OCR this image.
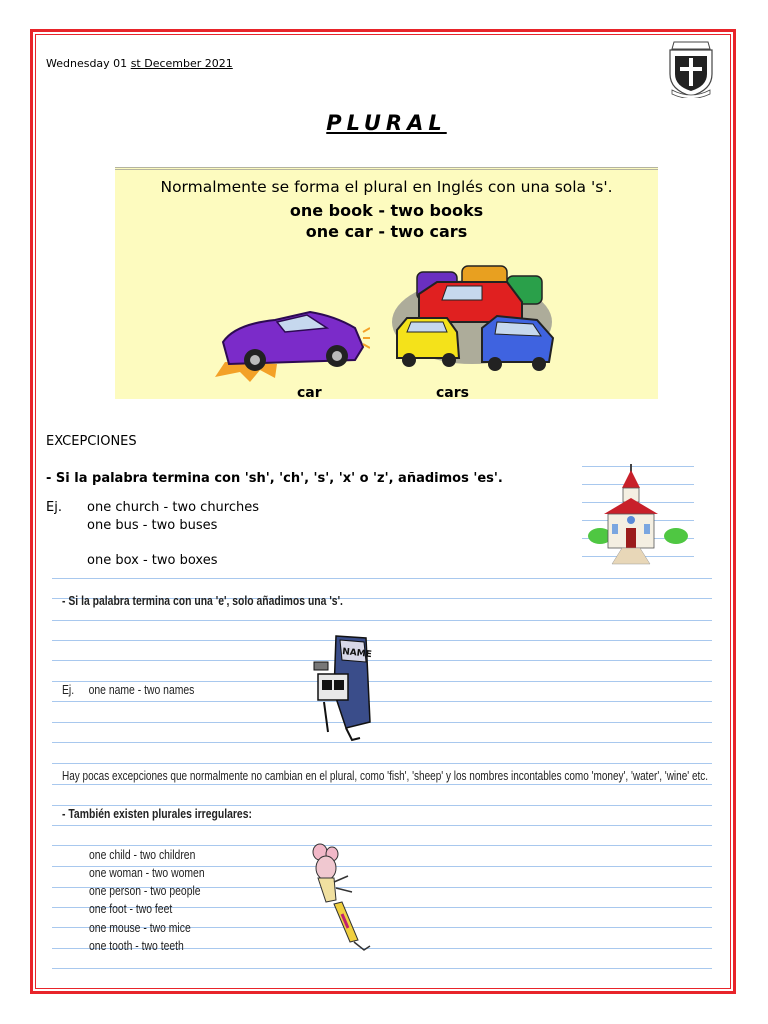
Wednesday 01 st December 2021
PLURAL
Normalmente se forma el plural en Inglés con una sola 's'.
one book - two books
one car - two cars
car	cars
EXCEPCIONES
- Si la palabra termina con 'sh', 'ch', 's', 'x' o 'z', añadimos 'es'.
Ej. one church - two churches
one bus - two buses
one box - two boxes
- Si la palabra termina con una 'e', solo añadimos una 's'.
Ej.     one name - two names
NAME
Hay pocas excepciones que normalmente no cambian en el plural, como 'fish', 'sheep' y los nombres incontables como 'money', 'water', 'wine' etc.
- También existen plurales irregulares:
one child - two children
one woman - two women
one person - two people
one foot - two feet
one mouse - two mice
one tooth - two teeth
